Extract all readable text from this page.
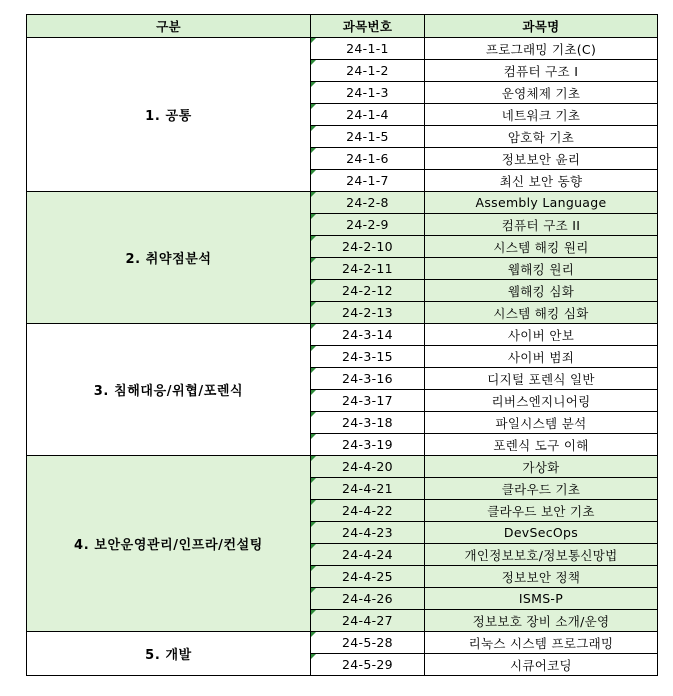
구분	과목번호	과목명
1. 공통	24-1-1	프로그래밍 기초(C)

24-1-2	컴퓨터 구조 I

24-1-3	운영체제 기초

24-1-4	네트워크 기초

24-1-5	암호학 기초

24-1-6	정보보안 윤리

24-1-7	최신 보안 동향
2. 취약점분석	24-2-8	Assembly Language

24-2-9	컴퓨터 구조 II

24-2-10	시스템 해킹 원리

24-2-11	웹해킹 원리

24-2-12	웹해킹 심화

24-2-13	시스템 해킹 심화
3. 침해대응/위협/포렌식	24-3-14	사이버 안보

24-3-15	사이버 범죄

24-3-16	디지털 포렌식 일반

24-3-17	리버스엔지니어링

24-3-18	파일시스템 분석

24-3-19	포렌식 도구 이해
4. 보안운영관리/인프라/컨설팅	24-4-20	가상화

24-4-21	클라우드 기초

24-4-22	클라우드 보안 기초

24-4-23	DevSecOps

24-4-24	개인정보보호/정보통신망법

24-4-25	정보보안 정책

24-4-26	ISMS-P

24-4-27	정보보호 장비 소개/운영
5. 개발	24-5-28	리눅스 시스템 프로그래밍

24-5-29	시큐어코딩
